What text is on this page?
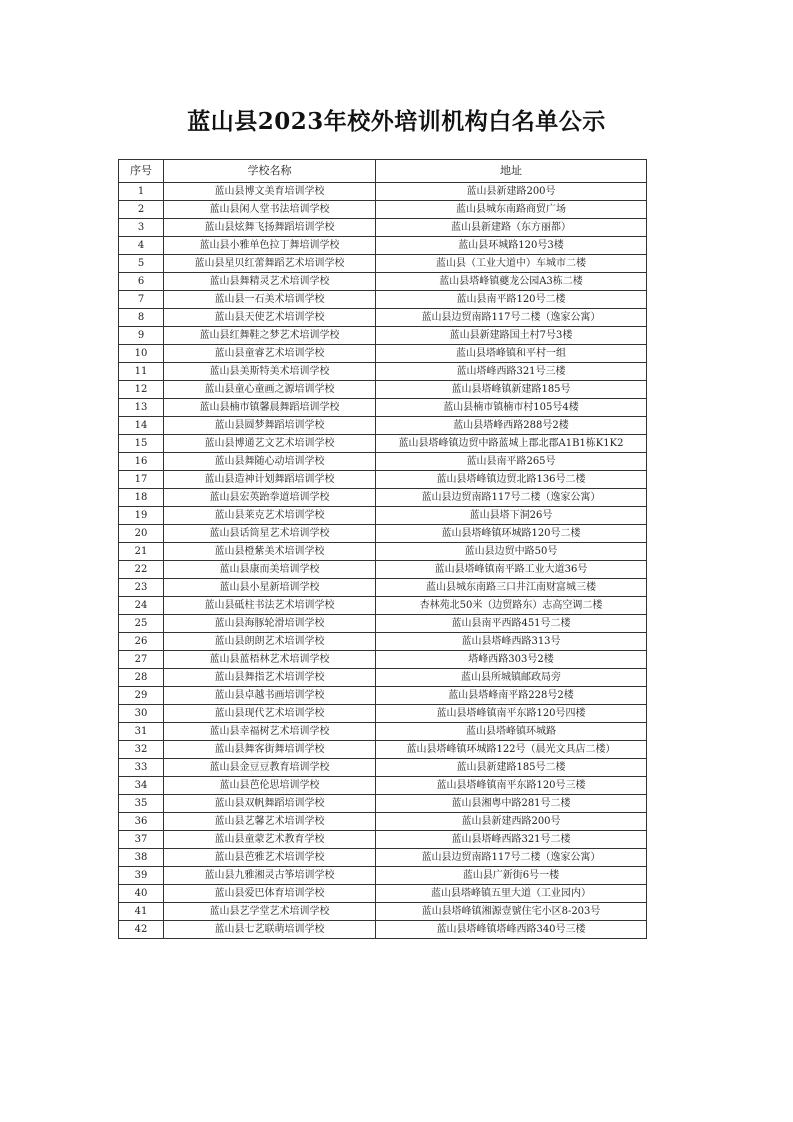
蓝山县2023年校外培训机构白名单公示
序号	学校名称	地址
1	蓝山县博文美育培训学校	蓝山县新建路200号
2	蓝山县闲人堂书法培训学校	蓝山县城东南路商贸广场
3	蓝山县炫舞飞扬舞蹈培训学校	蓝山县新建路（东方丽都）
4	蓝山县小雅单色拉丁舞培训学校	蓝山县环城路120号3楼
5	蓝山县星贝红蕾舞蹈艺术培训学校	蓝山县（工业大道中）车城市二楼
6	蓝山县舞精灵艺术培训学校	蓝山县塔峰镇夔龙公园A3栋二楼
7	蓝山县一石美术培训学校	蓝山县南平路120号二楼
8	蓝山县天使艺术培训学校	蓝山县边贸南路117号二楼（逸家公寓）
9	蓝山县红舞鞋之梦艺术培训学校	蓝山县新建路国土村7号3楼
10	蓝山县童睿艺术培训学校	蓝山县塔峰镇和平村一组
11	蓝山县美斯特美术培训学校	蓝山塔峰西路321号三楼
12	蓝山县童心童画之源培训学校	蓝山县塔峰镇新建路185号
13	蓝山县楠市镇馨晨舞蹈培训学校	蓝山县楠市镇楠市村105号4楼
14	蓝山县圆梦舞蹈培训学校	蓝山县塔峰西路288号2楼
15	蓝山县博通艺文艺术培训学校	蓝山县塔峰镇边贸中路蓝城上郡北郡A1B1栋K1K2
16	蓝山县舞随心动培训学校	蓝山县南平路265号
17	蓝山县造神计划舞蹈培训学校	蓝山县塔峰镇边贸北路136号二楼
18	蓝山县宏英跆拳道培训学校	蓝山县边贸南路117号二楼（逸家公寓）
19	蓝山县莱克艺术培训学校	蓝山县塔下洞26号
20	蓝山县话筒星艺术培训学校	蓝山县塔峰镇环城路120号二楼
21	蓝山县橙紫美术培训学校	蓝山县边贸中路50号
22	蓝山县康而美培训学校	蓝山县塔峰镇南平路工业大道36号
23	蓝山县小星新培训学校	蓝山县城东南路三口井江南财富城三楼
24	蓝山县砥柱书法艺术培训学校	杏林苑北50米（边贸路东）志高空调二楼
25	蓝山县海豚轮滑培训学校	蓝山县南平西路451号二楼
26	蓝山县朗朗艺术培训学校	蓝山县塔峰西路313号
27	蓝山县蓝梧林艺术培训学校	塔峰西路303号2楼
28	蓝山县舞指艺术培训学校	蓝山县所城镇邮政局旁
29	蓝山县卓越书画培训学校	蓝山县塔峰南平路228号2楼
30	蓝山县现代艺术培训学校	蓝山县塔峰镇南平东路120号四楼
31	蓝山县幸福树艺术培训学校	蓝山县塔峰镇环城路
32	蓝山县舞客街舞培训学校	蓝山县塔峰镇环城路122号（晨光文具店二楼）
33	蓝山县金豆豆教育培训学校	蓝山县新建路185号二楼
34	蓝山县芭伦思培训学校	蓝山县塔峰镇南平东路120号三楼
35	蓝山县双帆舞蹈培训学校	蓝山县湘粤中路281号二楼
36	蓝山县艺馨艺术培训学校	蓝山县新建西路200号
37	蓝山县童蒙艺术教育学校	蓝山县塔峰西路321号二楼
38	蓝山县芭雅艺术培训学校	蓝山县边贸南路117号二楼（逸家公寓）
39	蓝山县九雅湘灵古筝培训学校	蓝山县广新街6号一楼
40	蓝山县爱巴体育培训学校	蓝山县塔峰镇五里大道（工业园内）
41	蓝山县艺学堂艺术培训学校	蓝山县塔峰镇湘源壹號住宅小区8-203号
42	蓝山县七艺联萌培训学校	蓝山县塔峰镇塔峰西路340号三楼
